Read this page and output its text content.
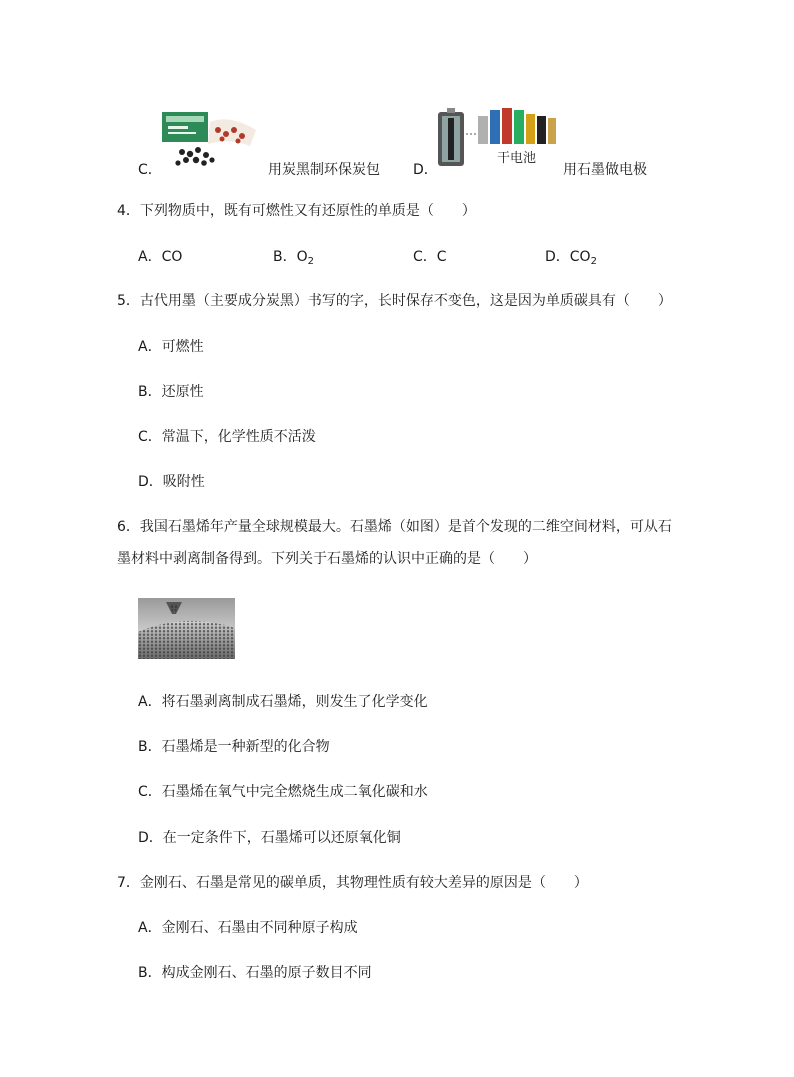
C．	用炭黑制环保炭包 D．
干电池
用石墨做电极
4．下列物质中，既有可燃性又有还原性的单质是（　　）
A．CO	B．$O_2$	C．C	D．$CO_2$
5．古代用墨（主要成分炭黑）书写的字，长时保存不变色，这是因为单质碳具有（　　）
A．可燃性
B．还原性
C．常温下，化学性质不活泼
D．吸附性
6．我国石墨烯年产量全球规模最大。石墨烯（如图）是首个发现的二维空间材料，可从石
墨材料中剥离制备得到。下列关于石墨烯的认识中正确的是（　　）
A．将石墨剥离制成石墨烯，则发生了化学变化
B．石墨烯是一种新型的化合物
C．石墨烯在氧气中完全燃烧生成二氧化碳和水
D．在一定条件下，石墨烯可以还原氧化铜
7．金刚石、石墨是常见的碳单质，其物理性质有较大差异的原因是（　　）
A．金刚石、石墨由不同种原子构成
B．构成金刚石、石墨的原子数目不同
